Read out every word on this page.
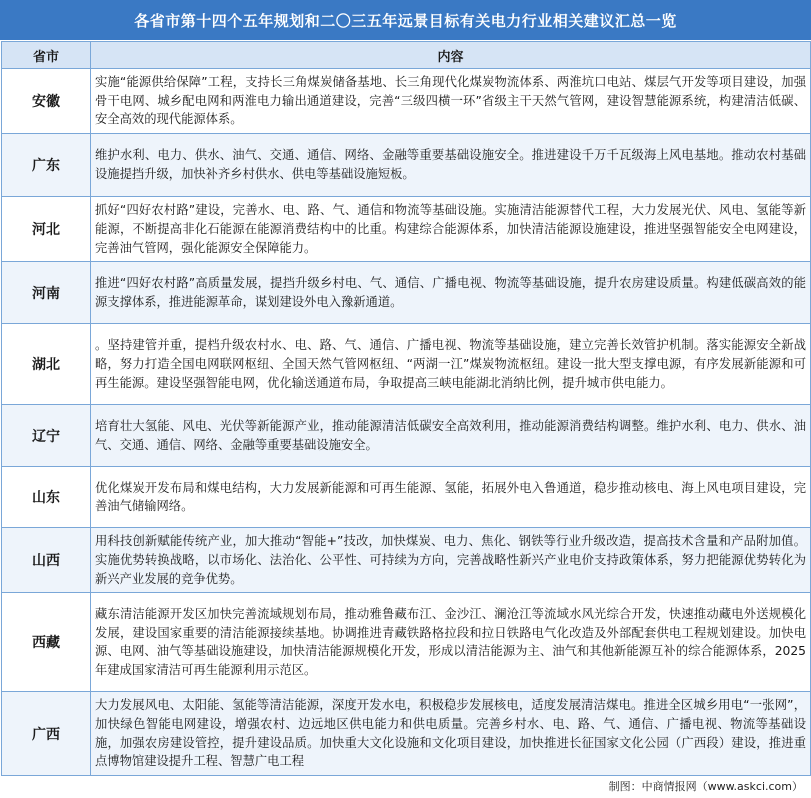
各省市第十四个五年规划和二〇三五年远景目标有关电力行业相关建议汇总一览
省市	内容
安徽	实施“能源供给保障”工程，支持长三角煤炭储备基地、长三角现代化煤炭物流体系、两淮坑口电站、煤层气开发等项目建设，加强骨干电网、城乡配电网和两淮电力输出通道建设，完善“三级四横一环”省级主干天然气管网，建设智慧能源系统，构建清洁低碳、安全高效的现代能源体系。
广东	维护水利、电力、供水、油气、交通、通信、网络、金融等重要基础设施安全。推进建设千万千瓦级海上风电基地。推动农村基础设施提挡升级，加快补齐乡村供水、供电等基础设施短板。
河北	抓好“四好农村路”建设，完善水、电、路、气、通信和物流等基础设施。实施清洁能源替代工程，大力发展光伏、风电、氢能等新能源，不断提高非化石能源在能源消费结构中的比重。构建综合能源体系，加快清洁能源设施建设，推进坚强智能安全电网建设，完善油气管网，强化能源安全保障能力。
河南	推进“四好农村路”高质量发展，提挡升级乡村电、气、通信、广播电视、物流等基础设施，提升农房建设质量。构建低碳高效的能源支撑体系，推进能源革命，谋划建设外电入豫新通道。
湖北	。坚持建管并重，提档升级农村水、电、路、气、通信、广播电视、物流等基础设施，建立完善长效管护机制。落实能源安全新战略，努力打造全国电网联网枢纽、全国天然气管网枢纽、“两湖一江”煤炭物流枢纽。建设一批大型支撑电源，有序发展新能源和可再生能源。建设坚强智能电网，优化输送通道布局，争取提高三峡电能湖北消纳比例，提升城市供电能力。
辽宁	培育壮大氢能、风电、光伏等新能源产业，推动能源清洁低碳安全高效利用，推动能源消费结构调整。维护水利、电力、供水、油气、交通、通信、网络、金融等重要基础设施安全。
山东	优化煤炭开发布局和煤电结构，大力发展新能源和可再生能源、氢能，拓展外电入鲁通道，稳步推动核电、海上风电项目建设，完善油气储输网络。
山西	用科技创新赋能传统产业，加大推动“智能+”技改，加快煤炭、电力、焦化、钢铁等行业升级改造，提高技术含量和产品附加值。实施优势转换战略，以市场化、法治化、公平性、可持续为方向，完善战略性新兴产业电价支持政策体系，努力把能源优势转化为新兴产业发展的竞争优势。
西藏	藏东清洁能源开发区加快完善流域规划布局，推动雅鲁藏布江、金沙江、澜沧江等流域水风光综合开发，快速推动藏电外送规模化发展，建设国家重要的清洁能源接续基地。协调推进青藏铁路格拉段和拉日铁路电气化改造及外部配套供电工程规划建设。加快电源、电网、油气等基础设施建设，加快清洁能源规模化开发，形成以清洁能源为主、油气和其他新能源互补的综合能源体系，2025年建成国家清洁可再生能源利用示范区。
广西	大力发展风电、太阳能、氢能等清洁能源，深度开发水电，积极稳步发展核电，适度发展清洁煤电。推进全区城乡用电“一张网”，加快绿色智能电网建设，增强农村、边远地区供电能力和供电质量。完善乡村水、电、路、气、通信、广播电视、物流等基础设施，加强农房建设管控，提升建设品质。加快重大文化设施和文化项目建设，加快推进长征国家文化公园（广西段）建设，推进重点博物馆建设提升工程、智慧广电工程
制图：中商情报网（www.askci.com）
